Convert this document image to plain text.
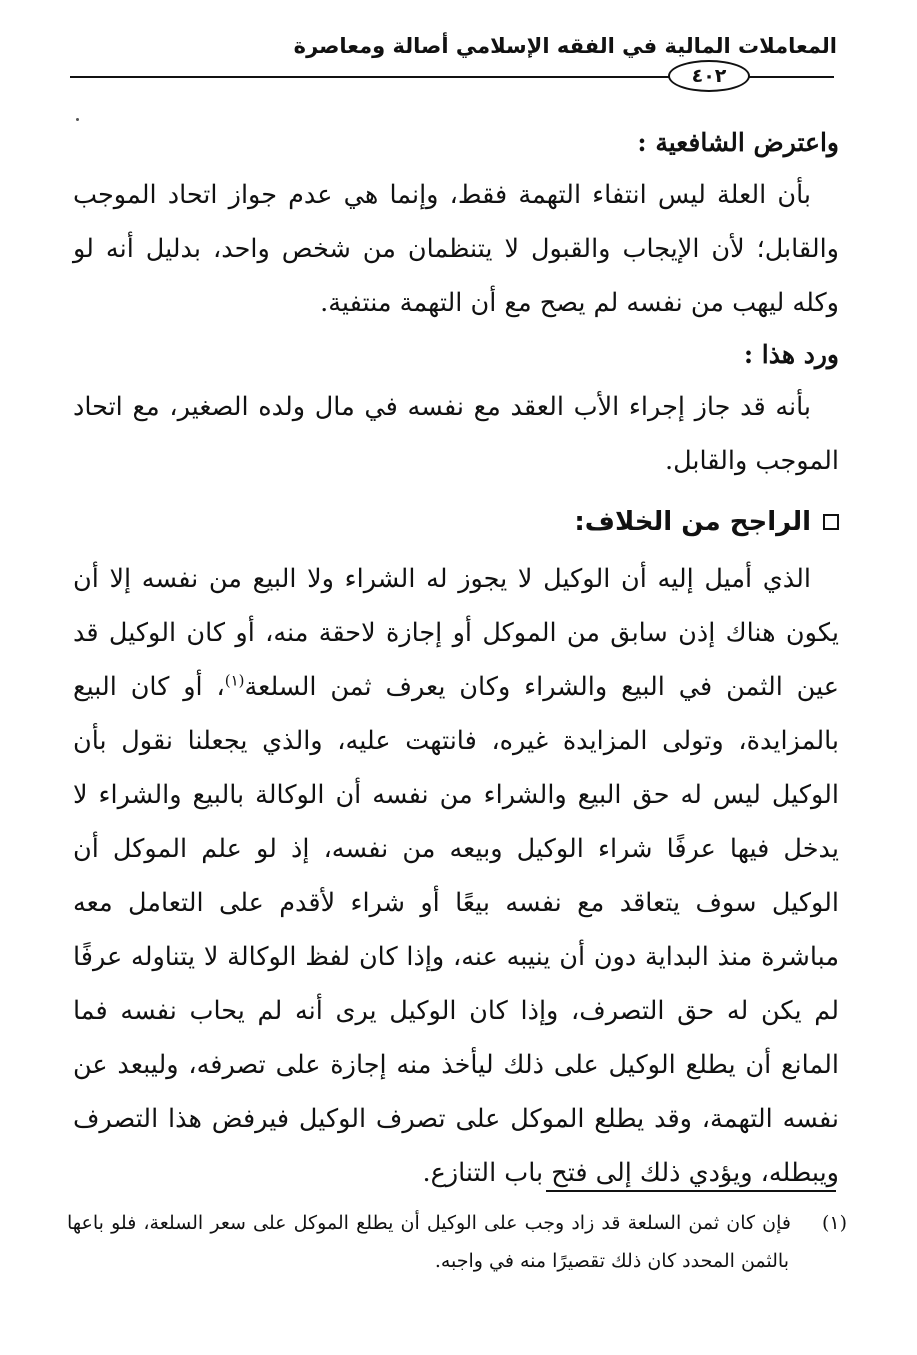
المعاملات المالية في الفقه الإسلامي أصالة ومعاصرة
٤٠٢

واعترض الشافعية :

بأن العلة ليس انتفاء التهمة فقط، وإنما هي عدم جواز اتحاد الموجب والقابل؛ لأن الإيجاب والقبول لا يتنظمان من شخص واحد، بدليل أنه لو وكله ليهب من نفسه لم يصح مع أن التهمة منتفية.

ورد هذا :

بأنه قد جاز إجراء الأب العقد مع نفسه في مال ولده الصغير، مع اتحاد الموجب والقابل.

الراجح من الخلاف:

الذي أميل إليه أن الوكيل لا يجوز له الشراء ولا البيع من نفسه إلا أن يكون هناك إذن سابق من الموكل أو إجازة لاحقة منه، أو كان الوكيل قد عين الثمن في البيع والشراء وكان يعرف ثمن السلعة$^{(١)}$، أو كان البيع بالمزايدة، وتولى المزايدة غيره، فانتهت عليه، والذي يجعلنا نقول بأن الوكيل ليس له حق البيع والشراء من نفسه أن الوكالة بالبيع والشراء لا يدخل فيها عرفًا شراء الوكيل وبيعه من نفسه، إذ لو علم الموكل أن الوكيل سوف يتعاقد مع نفسه بيعًا أو شراء لأقدم على التعامل معه مباشرة منذ البداية دون أن ينيبه عنه، وإذا كان لفظ الوكالة لا يتناوله عرفًا لم يكن له حق التصرف، وإذا كان الوكيل يرى أنه لم يحاب نفسه فما المانع أن يطلع الوكيل على ذلك ليأخذ منه إجازة على تصرفه، وليبعد عن نفسه التهمة، وقد يطلع الموكل على تصرف الوكيل فيرفض هذا التصرف ويبطله، ويؤدي ذلك إلى فتح باب التنازع.

(١)فإن كان ثمن السلعة قد زاد وجب على الوكيل أن يطلع الموكل على سعر السلعة، فلو باعها بالثمن المحدد كان ذلك تقصيرًا منه في واجبه.
